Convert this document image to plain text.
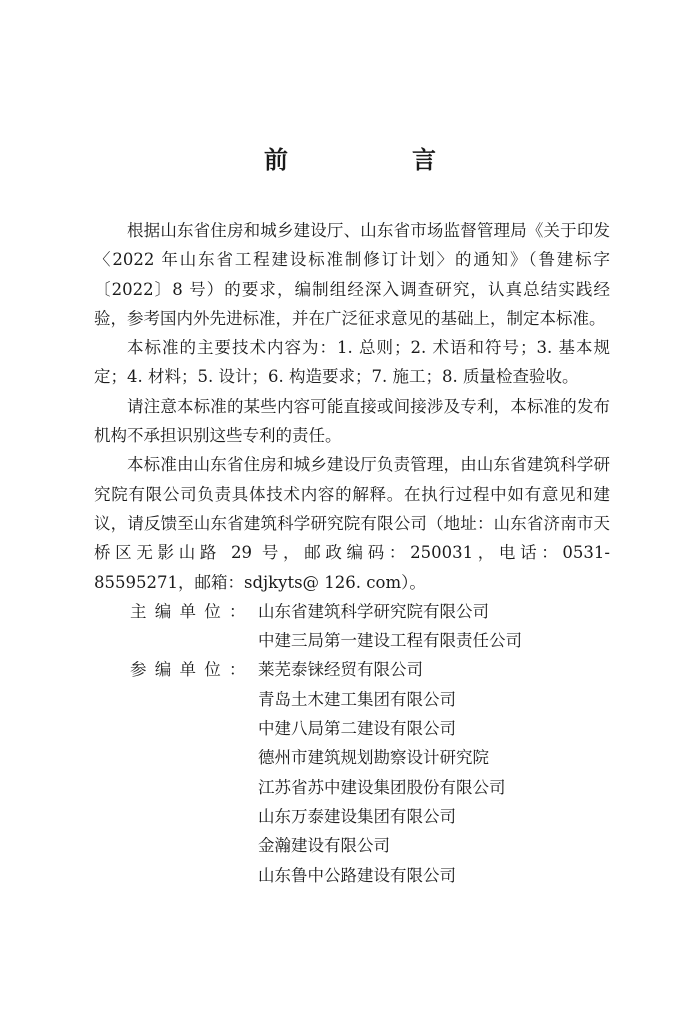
前　言

根据山东省住房和城乡建设厅、山东省市场监督管理局《关于印发〈2022 年山东省工程建设标准制修订计划〉的通知》（鲁建标字〔2022〕8 号）的要求，编制组经深入调查研究，认真总结实践经验，参考国内外先进标准，并在广泛征求意见的基础上，制定本标准。

本标准的主要技术内容为：1. 总则；2. 术语和符号；3. 基本规定；4. 材料；5. 设计；6. 构造要求；7. 施工；8. 质量检查验收。

请注意本标准的某些内容可能直接或间接涉及专利，本标准的发布机构不承担识别这些专利的责任。

本标准由山东省住房和城乡建设厅负责管理，由山东省建筑科学研究院有限公司负责具体技术内容的解释。在执行过程中如有意见和建议，请反馈至山东省建筑科学研究院有限公司（地址：山东省济南市天桥区无影山路 29 号，邮政编码：250031，电话：0531-85595271，邮箱：sdjkyts@ 126. com）。

主编单位： 山东省建筑科学研究院有限公司
中建三局第一建设工程有限责任公司
参编单位： 莱芜泰铼经贸有限公司
青岛土木建工集团有限公司
中建八局第二建设有限公司
德州市建筑规划勘察设计研究院
江苏省苏中建设集团股份有限公司
山东万泰建设集团有限公司
金瀚建设有限公司
山东鲁中公路建设有限公司
